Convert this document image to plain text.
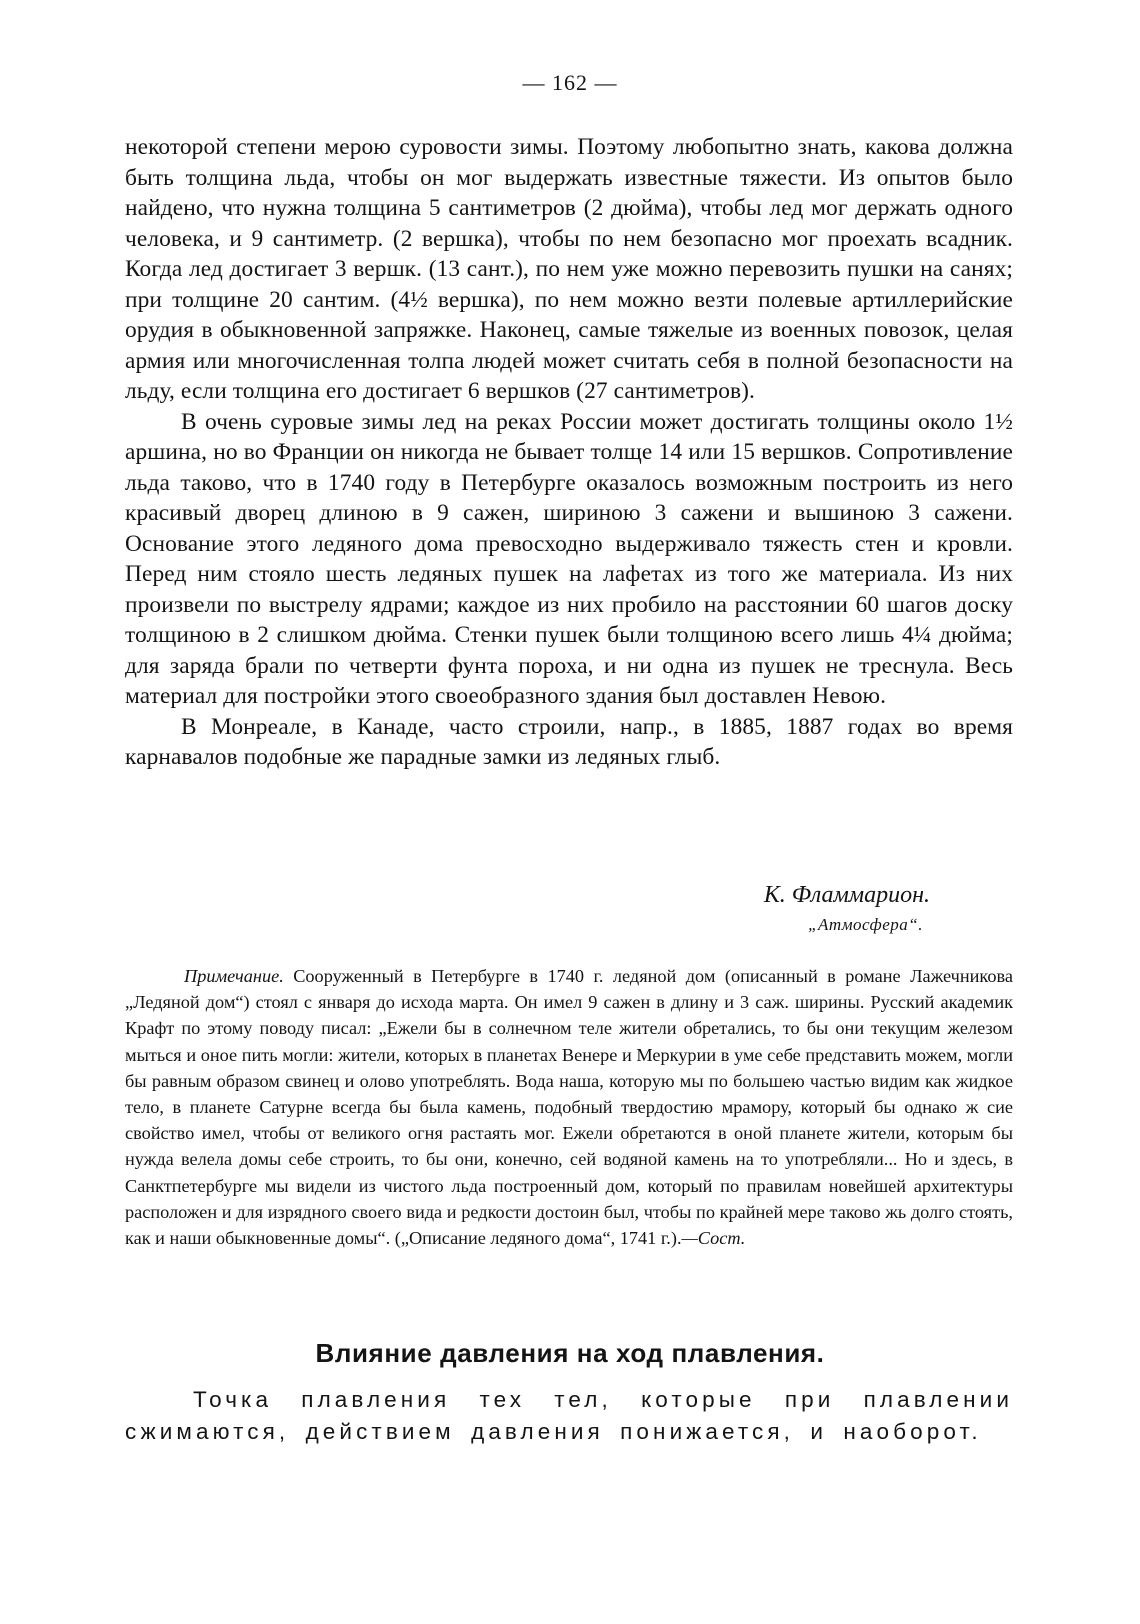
— 162 —

некоторой степени мерою суровости зимы. Поэтому любопытно знать, какова должна быть толщина льда, чтобы он мог выдержать известные тяжести. Из опытов было найдено, что нужна толщина 5 сантиметров (2 дюйма), чтобы лед мог держать одного человека, и 9 сантиметр. (2 вершка), чтобы по нем безопасно мог проехать всадник. Когда лед достигает 3 вершк. (13 сант.), по нем уже можно перевозить пушки на санях; при толщине 20 сантим. (4½ вершка), по нем можно везти полевые артиллерийские орудия в обыкновенной запряжке. Наконец, самые тяжелые из военных повозок, целая армия или многочисленная толпа людей может считать себя в полной безопасности на льду, если толщина его достигает 6 вершков (27 сантиметров).

В очень суровые зимы лед на реках России может достигать толщины около 1½ аршина, но во Франции он никогда не бывает толще 14 или 15 вершков. Сопротивление льда таково, что в 1740 году в Петербурге оказалось возможным построить из него красивый дворец длиною в 9 сажен, шириною 3 сажени и вышиною 3 сажени. Основание этого ледяного дома превосходно выдерживало тяжесть стен и кровли. Перед ним стояло шесть ледяных пушек на лафетах из того же материала. Из них произвели по выстрелу ядрами; каждое из них пробило на расстоянии 60 шагов доску толщиною в 2 слишком дюйма. Стенки пушек были толщиною всего лишь 4¼ дюйма; для заряда брали по четверти фунта пороха, и ни одна из пушек не треснула. Весь материал для постройки этого своеобразного здания был доставлен Невою.

В Монреале, в Канаде, часто строили, напр., в 1885, 1887 годах во время карнавалов подобные же парадные замки из ледяных глыб.

К. Фламмарион.
„Атмосфера“.

Примечание. Сооруженный в Петербурге в 1740 г. ледяной дом (описанный в романе Лажечникова „Ледяной дом“) стоял с января до исхода марта. Он имел 9 сажен в длину и 3 саж. ширины. Русский академик Крафт по этому поводу писал: „Ежели бы в солнечном теле жители обретались, то бы они текущим железом мыться и оное пить могли: жители, которых в планетах Венере и Меркурии в уме себе представить можем, могли бы равным образом свинец и олово употреблять. Вода наша, которую мы по большею частью видим как жидкое тело, в планете Сатурне всегда бы была камень, подобный твердостию мрамору, который бы однако ж сие свойство имел, чтобы от великого огня растаять мог. Ежели обретаются в оной планете жители, которым бы нужда велела домы себе строить, то бы они, конечно, сей водяной камень на то употребляли... Но и здесь, в Санктпетербурге мы видели из чистого льда построенный дом, который по правилам новейшей архитектуры расположен и для изрядного своего вида и редкости достоин был, чтобы по крайней мере таково жь долго стоять, как и наши обыкновенные домы“. („Описание ледяного дома“, 1741 г.).—Сост.

Влияние давления на ход плавления.

Точка плавления тех тел, которые при плавлении сжимаются, действием давления понижается, и наоборот.
